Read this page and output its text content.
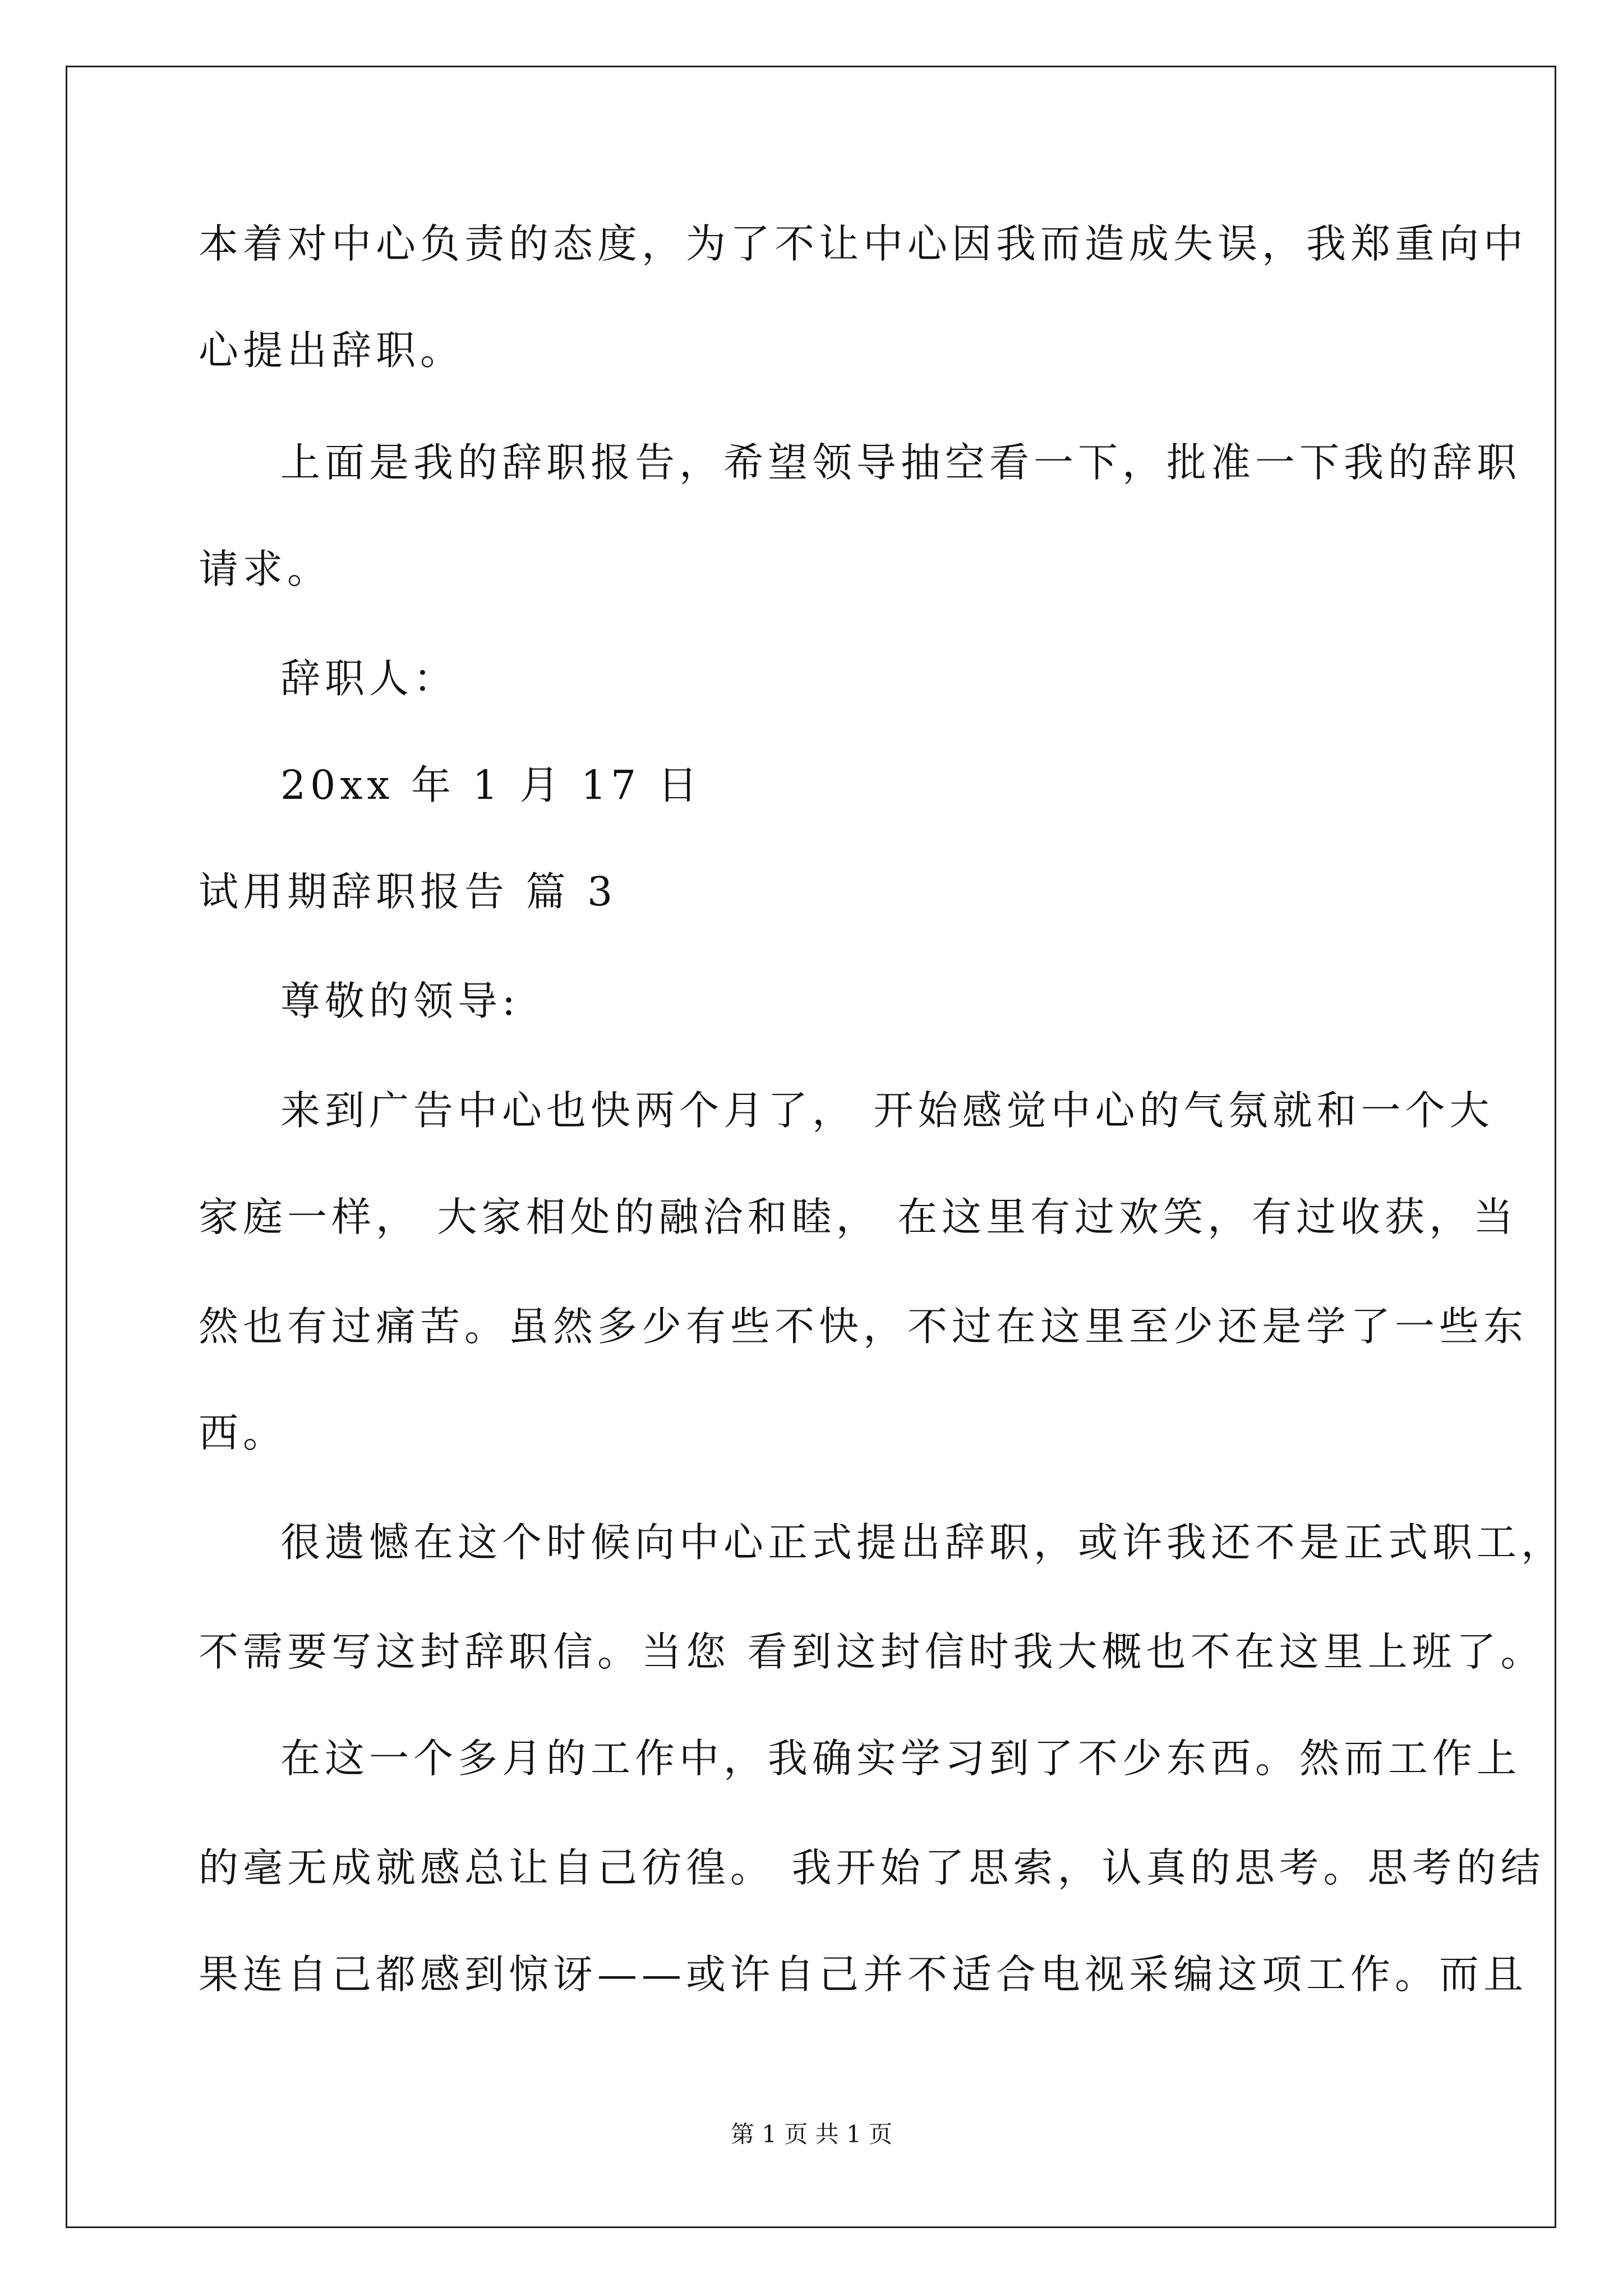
本着对中心负责的态度，为了不让中心因我而造成失误，我郑重向中
心提出辞职。
上面是我的辞职报告，希望领导抽空看一下，批准一下我的辞职
请求。
辞职人：
20xx 年 1 月 17 日
试用期辞职报告 篇 3
尊敬的领导:
来到广告中心也快两个月了， 开始感觉中心的气氛就和一个大
家庭一样， 大家相处的融洽和睦， 在这里有过欢笑，有过收获，当
然也有过痛苦。虽然多少有些不快，不过在这里至少还是学了一些东
西。
很遗憾在这个时候向中心正式提出辞职，或许我还不是正式职工，
不需要写这封辞职信。当您 看到这封信时我大概也不在这里上班了。
在这一个多月的工作中，我确实学习到了不少东西。然而工作上
的毫无成就感总让自己彷徨。 我开始了思索，认真的思考。思考的结
果连自己都感到惊讶——或许自己并不适合电视采编这项工作。而且
第 1 页 共 1 页
